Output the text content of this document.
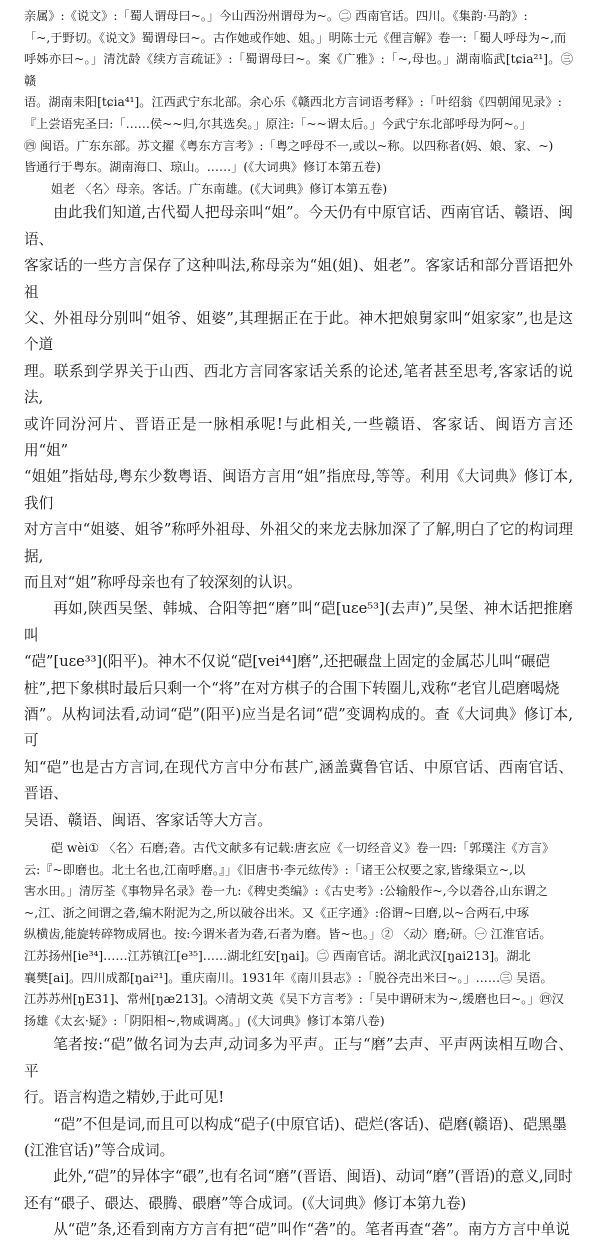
亲属》:《说文》:「蜀人谓母曰~。」今山西汾州谓母为~。㊁ 西南官话。四川。《集韵·马韵》:

「~,于野切。《说文》蜀谓母曰~。古作她或作她、姐。」明陈士元《俚言解》卷一:「蜀人呼母为~,而

呼姊亦曰~。」清沈龄《续方言疏证》:「蜀谓母曰~。案《广雅》:「~,母也。」湖南临武[tɕia²¹]。㊂ 赣

语。湖南耒阳[tɕia⁴¹]。江西武宁东北部。余心乐《赣西北方言词语考释》:「叶绍翁《四朝闻见录》:

『上尝语宪圣曰:「……侯~~归,尔其选矣。」原注:「~~谓太后。」今武宁东北部呼母为阿~。」

㊃ 闽语。广东东部。苏文擢《粤东方言考》:「粤之呼母不一,或以~称。以四称者(妈、娘、家、~)

皆通行于粤东。湖南海口、琼山。……」(《大词典》修订本第五卷)

姐老 〈名〉母亲。客话。广东南雄。(《大词典》修订本第五卷)

由此我们知道,古代蜀人把母亲叫“姐”。今天仍有中原官话、西南官话、赣语、闽语、

客家话的一些方言保存了这种叫法,称母亲为“姐(姐)、姐老”。客家话和部分晋语把外祖

父、外祖母分别叫“姐爷、姐婆”,其理据正在于此。神木把娘舅家叫“姐家家”,也是这个道

理。联系到学界关于山西、西北方言同客家话关系的论述,笔者甚至思考,客家话的说法,

或许同汾河片、晋语正是一脉相承呢!与此相关,一些赣语、客家话、闽语方言还用“姐”

“姐姐”指姑母,粤东少数粤语、闽语方言用“姐”指庶母,等等。利用《大词典》修订本,我们

对方言中“姐婆、姐爷”称呼外祖母、外祖父的来龙去脉加深了了解,明白了它的构词理据,

而且对“姐”称呼母亲也有了较深刻的认识。

再如,陕西吴堡、韩城、合阳等把“磨”叫“硙[uɛe⁵³](去声)”,吴堡、神木话把推磨叫

“硙”[uɛe³³](阳平)。神木不仅说“硙[vei⁴⁴]磨”,还把碾盘上固定的金属芯儿叫“碾硙

桩”,把下象棋时最后只剩一个“将”在对方棋子的合围下转圈儿,戏称“老官儿硙磨喝烧

酒”。从构词法看,动词“硙”(阳平)应当是名词“硙”变调构成的。查《大词典》修订本,可

知“硙”也是古方言词,在现代方言中分布甚广,涵盖冀鲁官话、中原官话、西南官话、晋语、

吴语、赣语、闽语、客家话等大方言。

硙 wèi① 〈名〉石磨;砻。古代文献多有记载:唐玄应《一切经音义》卷一四:「郭璞注《方言》

云:『~即磨也。北土名也,江南呼磨。』」《旧唐书·李元纮传》:「诸王公权要之家,皆缘渠立~,以

害水田。」清厉荃《事物异名录》卷一九:《稗史类编》:《古史考》:公输般作~,今以砻谷,山东谓之

~,江、浙之间谓之砻,编木附泥为之,所以破谷出米。又《正字通》:俗谓~曰磨,以~合两石,中琢

纵横齿,能旋转碎物成屑也。按:今谓米者为砻,石者为磨。皆~也。」② 〈动〉磨;研。㊀ 江淮官话。

江苏扬州[ie³⁴]……江苏镇江[e³⁵]……湖北红安[ŋai]。㊁ 西南官话。湖北武汉[ŋai213]。湖北

襄樊[ai]。四川成都[ŋai²¹]。重庆南川。1931年《南川县志》:「脱谷壳出米曰~。」……㊂ 吴语。

江苏苏州[ŋE31]、常州[ŋæ213]。◇清胡文英《吴下方言考》:「吴中谓研末为~,缓磨也曰~。」㊃汉

扬雄《太玄·疑》:「阴阳相~,物咸调离。」(《大词典》修订本第八卷)

笔者按:“硙”做名词为去声,动词多为平声。正与“磨”去声、平声两读相互吻合、平

行。语言构造之精妙,于此可见!

“硙”不但是词,而且可以构成“硙子(中原官话)、硙烂(客话)、硙磨(赣语)、硙黑墨

(江淮官话)”等合成词。

此外,“硙”的异体字“碨”,也有名词“磨”(晋语、闽语)、动词“磨”(晋语)的意义,同时

还有“碨子、碨达、碨腾、碨磨”等合成词。(《大词典》修订本第九卷)

从“硙”条,还看到南方方言有把“硙”叫作“砻”的。笔者再查“砻”。南方方言中单说
